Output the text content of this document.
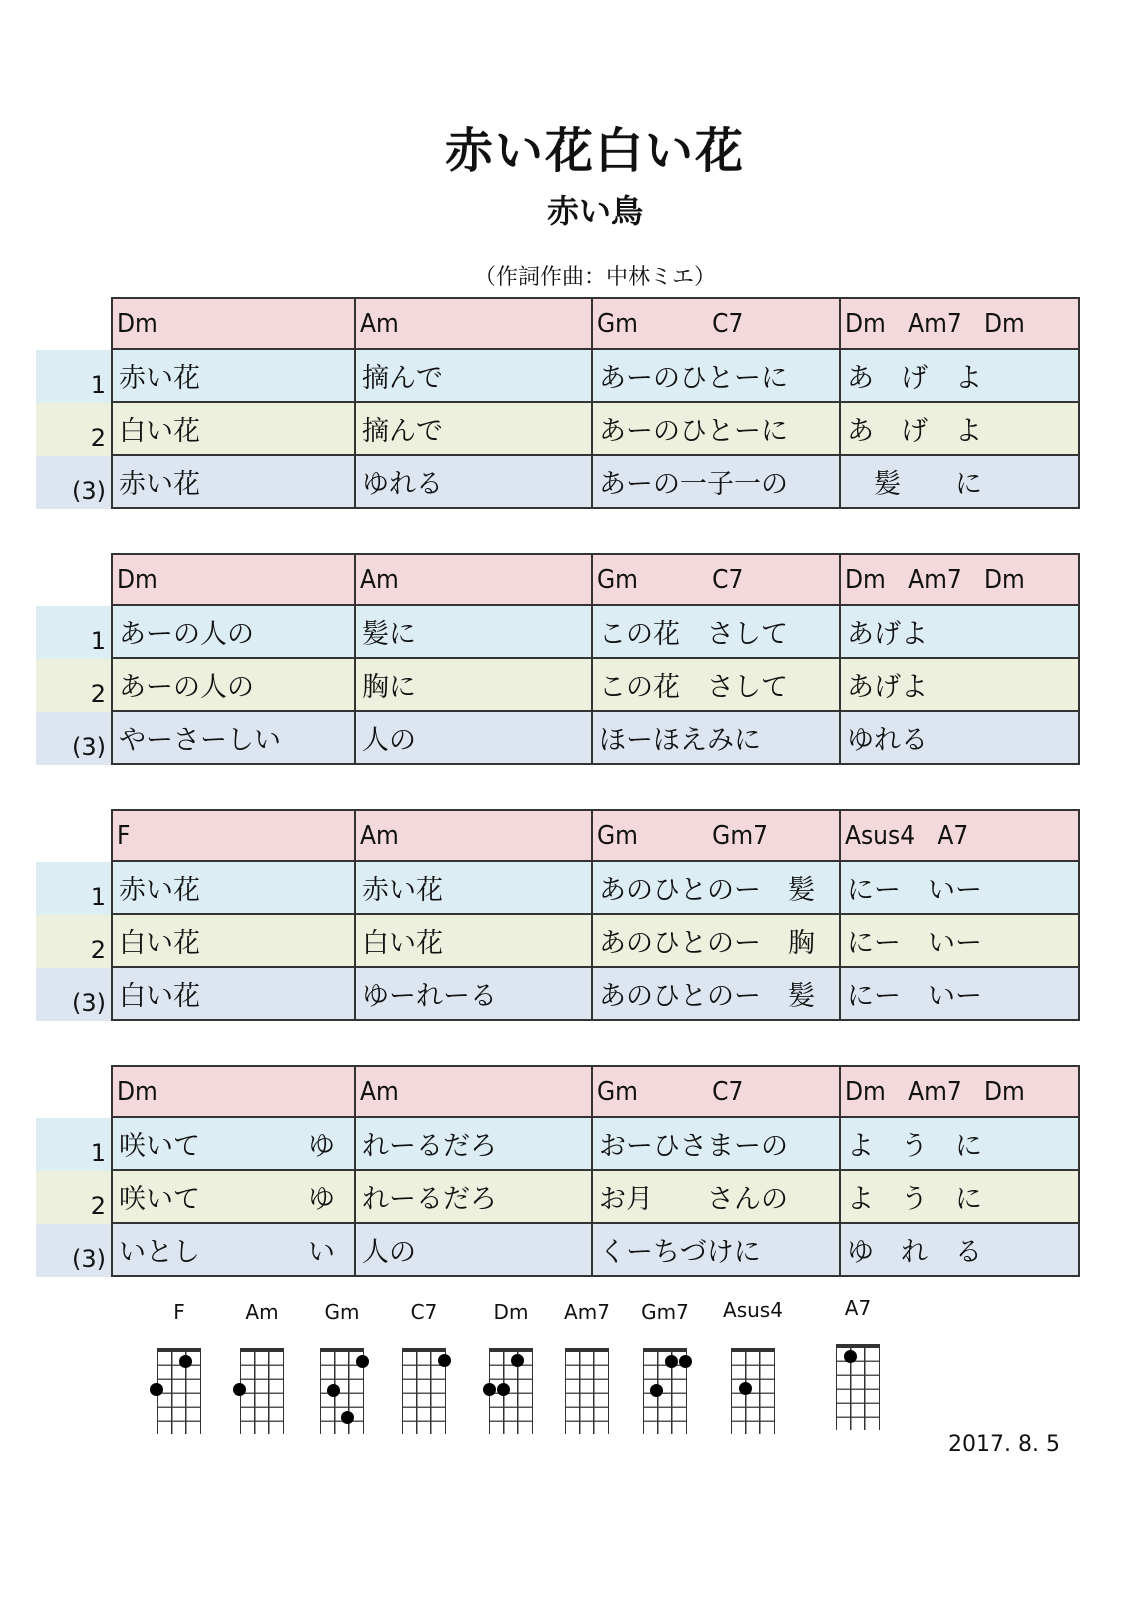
赤い花白い花
赤い鳥
（作詞作曲：中林ミエ）
Dm	Am	Gm          C7	Dm   Am7   Dm
1 赤い花	摘んで	あーのひとーに	あ　げ　よ
2 白い花	摘んで	あーのひとーに	あ　げ　よ
(3) 赤い花	ゆれる	あーの一子一の	　髪　　に
Dm	Am	Gm          C7	Dm   Am7   Dm
1 あーの人の	髪に	この花　さして	あげよ
2 あーの人の	胸に	この花　さして	あげよ
(3) やーさーしい	人の	ほーほえみに	ゆれる
F	Am	Gm          Gm7	Asus4   A7
1 赤い花	赤い花	あのひとのー　髪	にー　いー
2 白い花	白い花	あのひとのー　胸	にー　いー
(3) 白い花	ゆーれーる	あのひとのー　髪	にー　いー
Dm	Am	Gm          C7	Dm   Am7   Dm
1 咲いて　　　　ゆ	れーるだろ	おーひさまーの	よ　う　に
2 咲いて　　　　ゆ	れーるだろ	お月　　さんの	よ　う　に
(3) いとし　　　　い	人の	くーちづけに	ゆ　れ　る
F	Am	Gm	C7	Dm	Am7	Gm7	Asus4	A7
2017. 8. 5
